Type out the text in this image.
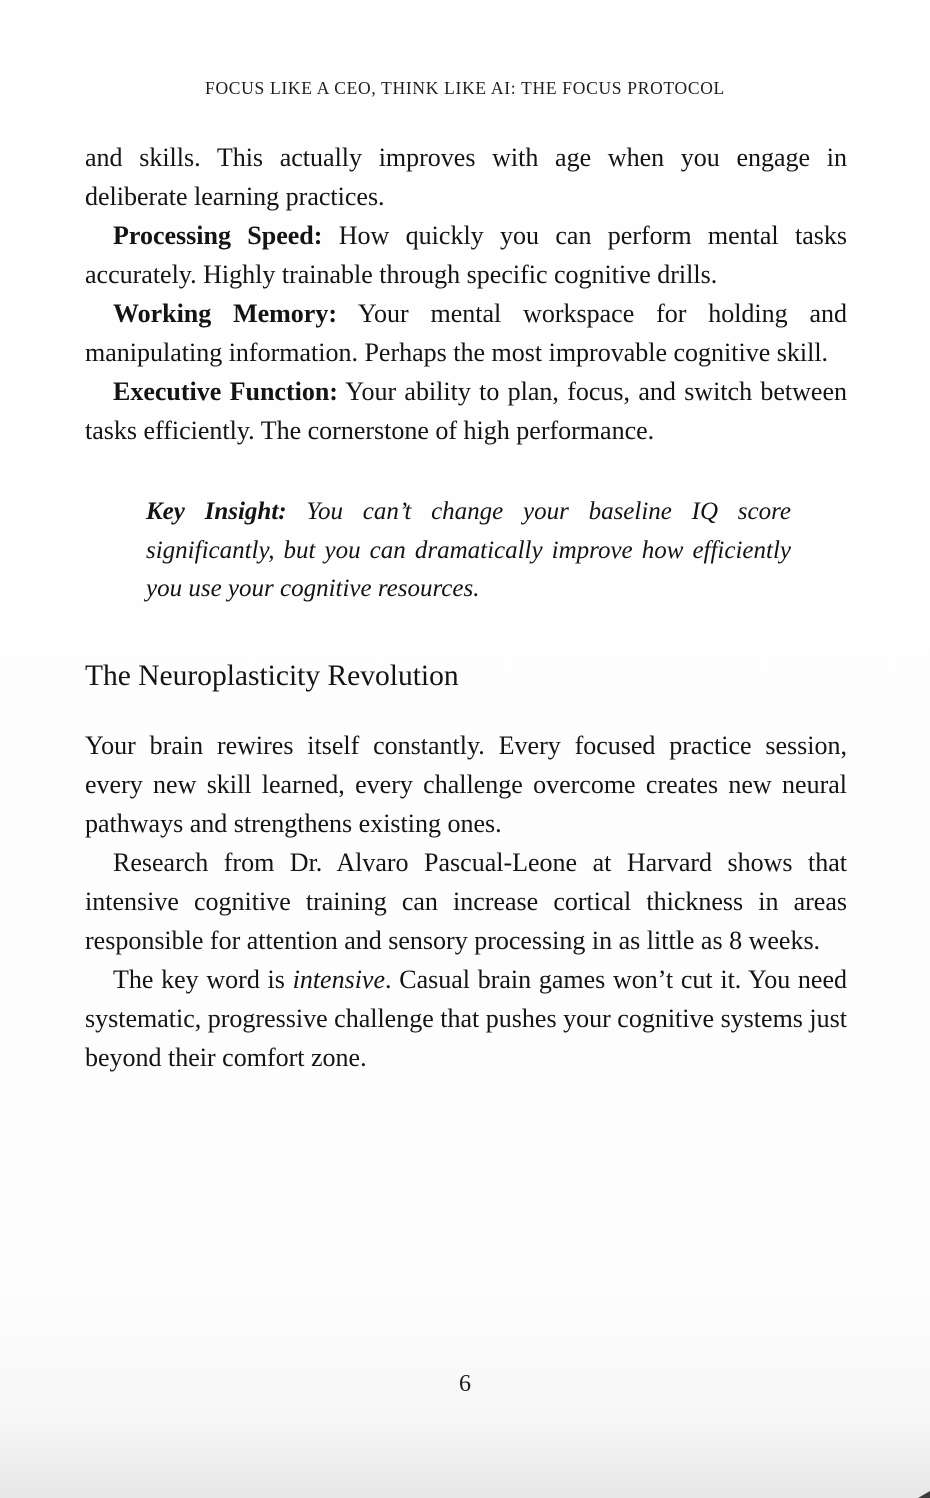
FOCUS LIKE A CEO, THINK LIKE AI: THE FOCUS PROTOCOL

and skills. This actually improves with age when you engage in deliberate learning practices.

Processing Speed: How quickly you can perform mental tasks accurately. Highly trainable through specific cognitive drills.

Working Memory: Your mental workspace for holding and manipulating information. Perhaps the most improvable cognitive skill.

Executive Function: Your ability to plan, focus, and switch between tasks efficiently. The cornerstone of high performance.

Key Insight: You can’t change your baseline IQ score significantly, but you can dramatically improve how efficiently you use your cognitive resources.
The Neuroplasticity Revolution

Your brain rewires itself constantly. Every focused practice session, every new skill learned, every challenge overcome creates new neural pathways and strengthens existing ones.

Research from Dr. Alvaro Pascual-Leone at Harvard shows that intensive cognitive training can increase cortical thickness in areas responsible for attention and sensory processing in as little as 8 weeks.

The key word is intensive. Casual brain games won’t cut it. You need systematic, progressive challenge that pushes your cognitive systems just beyond their comfort zone.

6
